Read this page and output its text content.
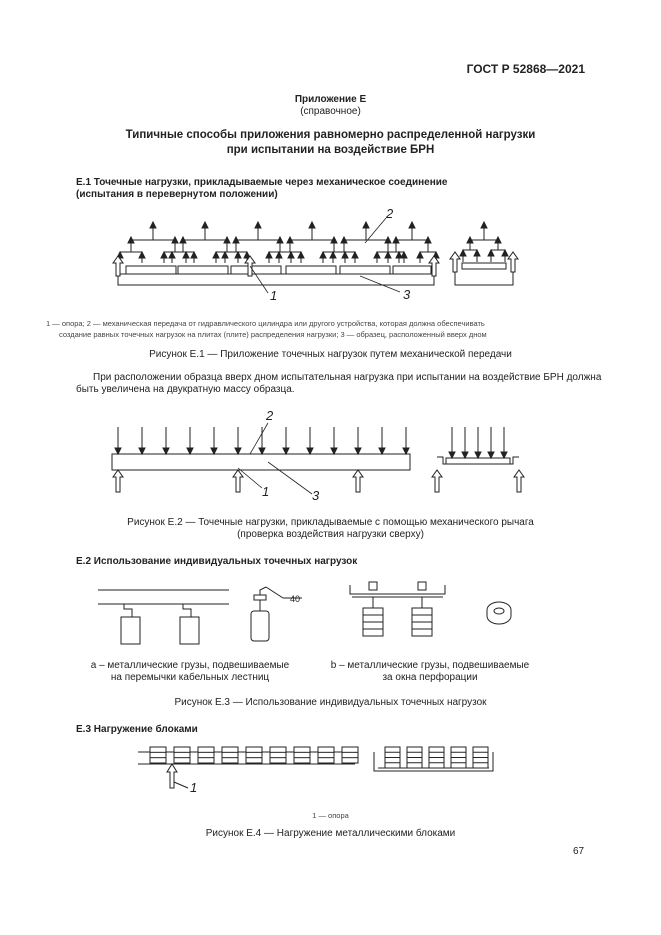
ГОСТ Р 52868—2021
Приложение Е
(справочное)
Типичные способы приложения равномерно распределенной нагрузки
при испытании на воздействие БРН
Е.1 Точечные нагрузки, прикладываемые через механическое соединение
(испытания в перевернутом положении)
1	3
2
1 — опора; 2 — механическая передача от гидравлического цилиндра или другого устройства, которая должна обеспечивать
создание равных точечных нагрузок на плитах (плите) распределения нагрузки; 3 — образец, расположенный вверх дном
Рисунок Е.1 — Приложение точечных нагрузок путем механической передачи
При расположении образца вверх дном испытательная нагрузка при испытании на воздействие БРН должна
быть увеличена на двукратную массу образца.
2
1	3
Рисунок Е.2 — Точечные нагрузки, прикладываемые с помощью механического рычага
(проверка воздействия нагрузки сверху)
Е.2 Использование индивидуальных точечных нагрузок
40
a – металлические грузы, подвешиваемые
на перемычки кабельных лестниц
b – металлические грузы, подвешиваемые
за окна перфорации
Рисунок Е.3 — Использование индивидуальных точечных нагрузок
Е.3 Нагружение блоками
1
1 — опора
Рисунок Е.4 — Нагружение металлическими блоками
67
